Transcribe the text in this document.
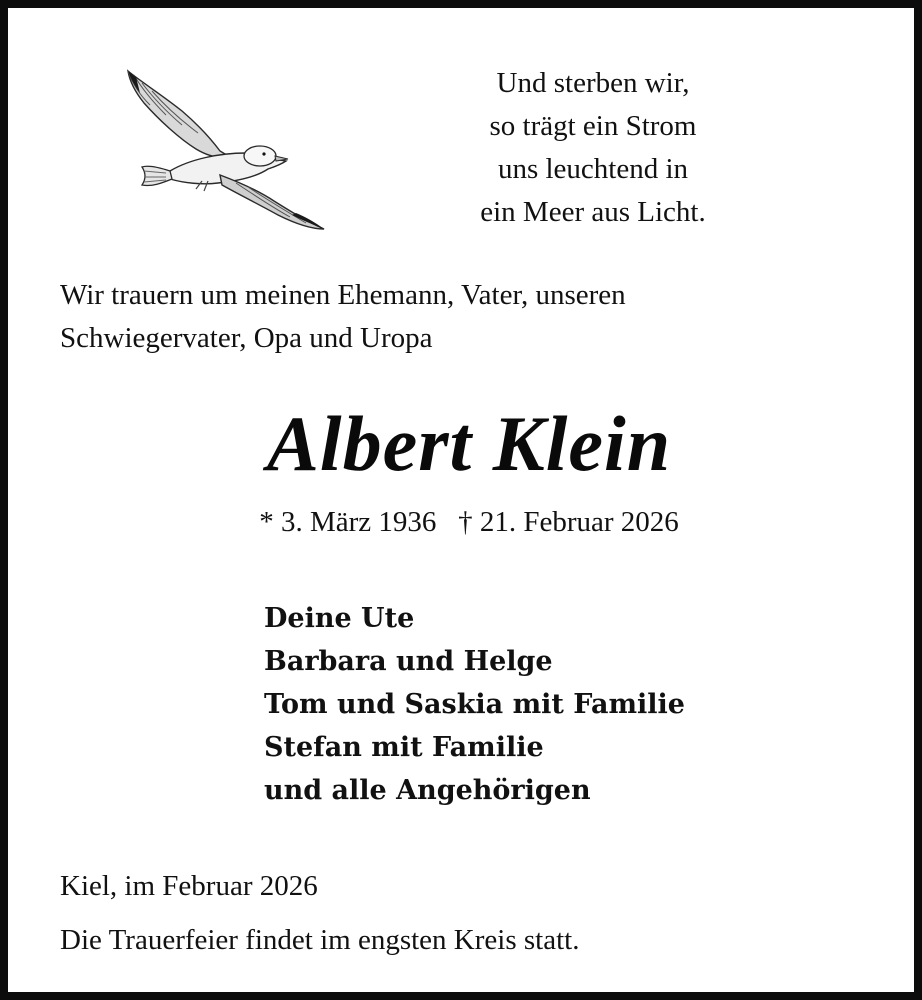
Und sterben wir,
so trägt ein Strom
uns leuchtend in
ein Meer aus Licht.
Wir trauern um meinen Ehemann, Vater, unseren
Schwiegervater, Opa und Uropa
Albert Klein
* 3. März 1936   † 21. Februar 2026
Deine Ute
Barbara und Helge
Tom und Saskia mit Familie
Stefan mit Familie
und alle Angehörigen
Kiel, im Februar 2026
Die Trauerfeier findet im engsten Kreis statt.
